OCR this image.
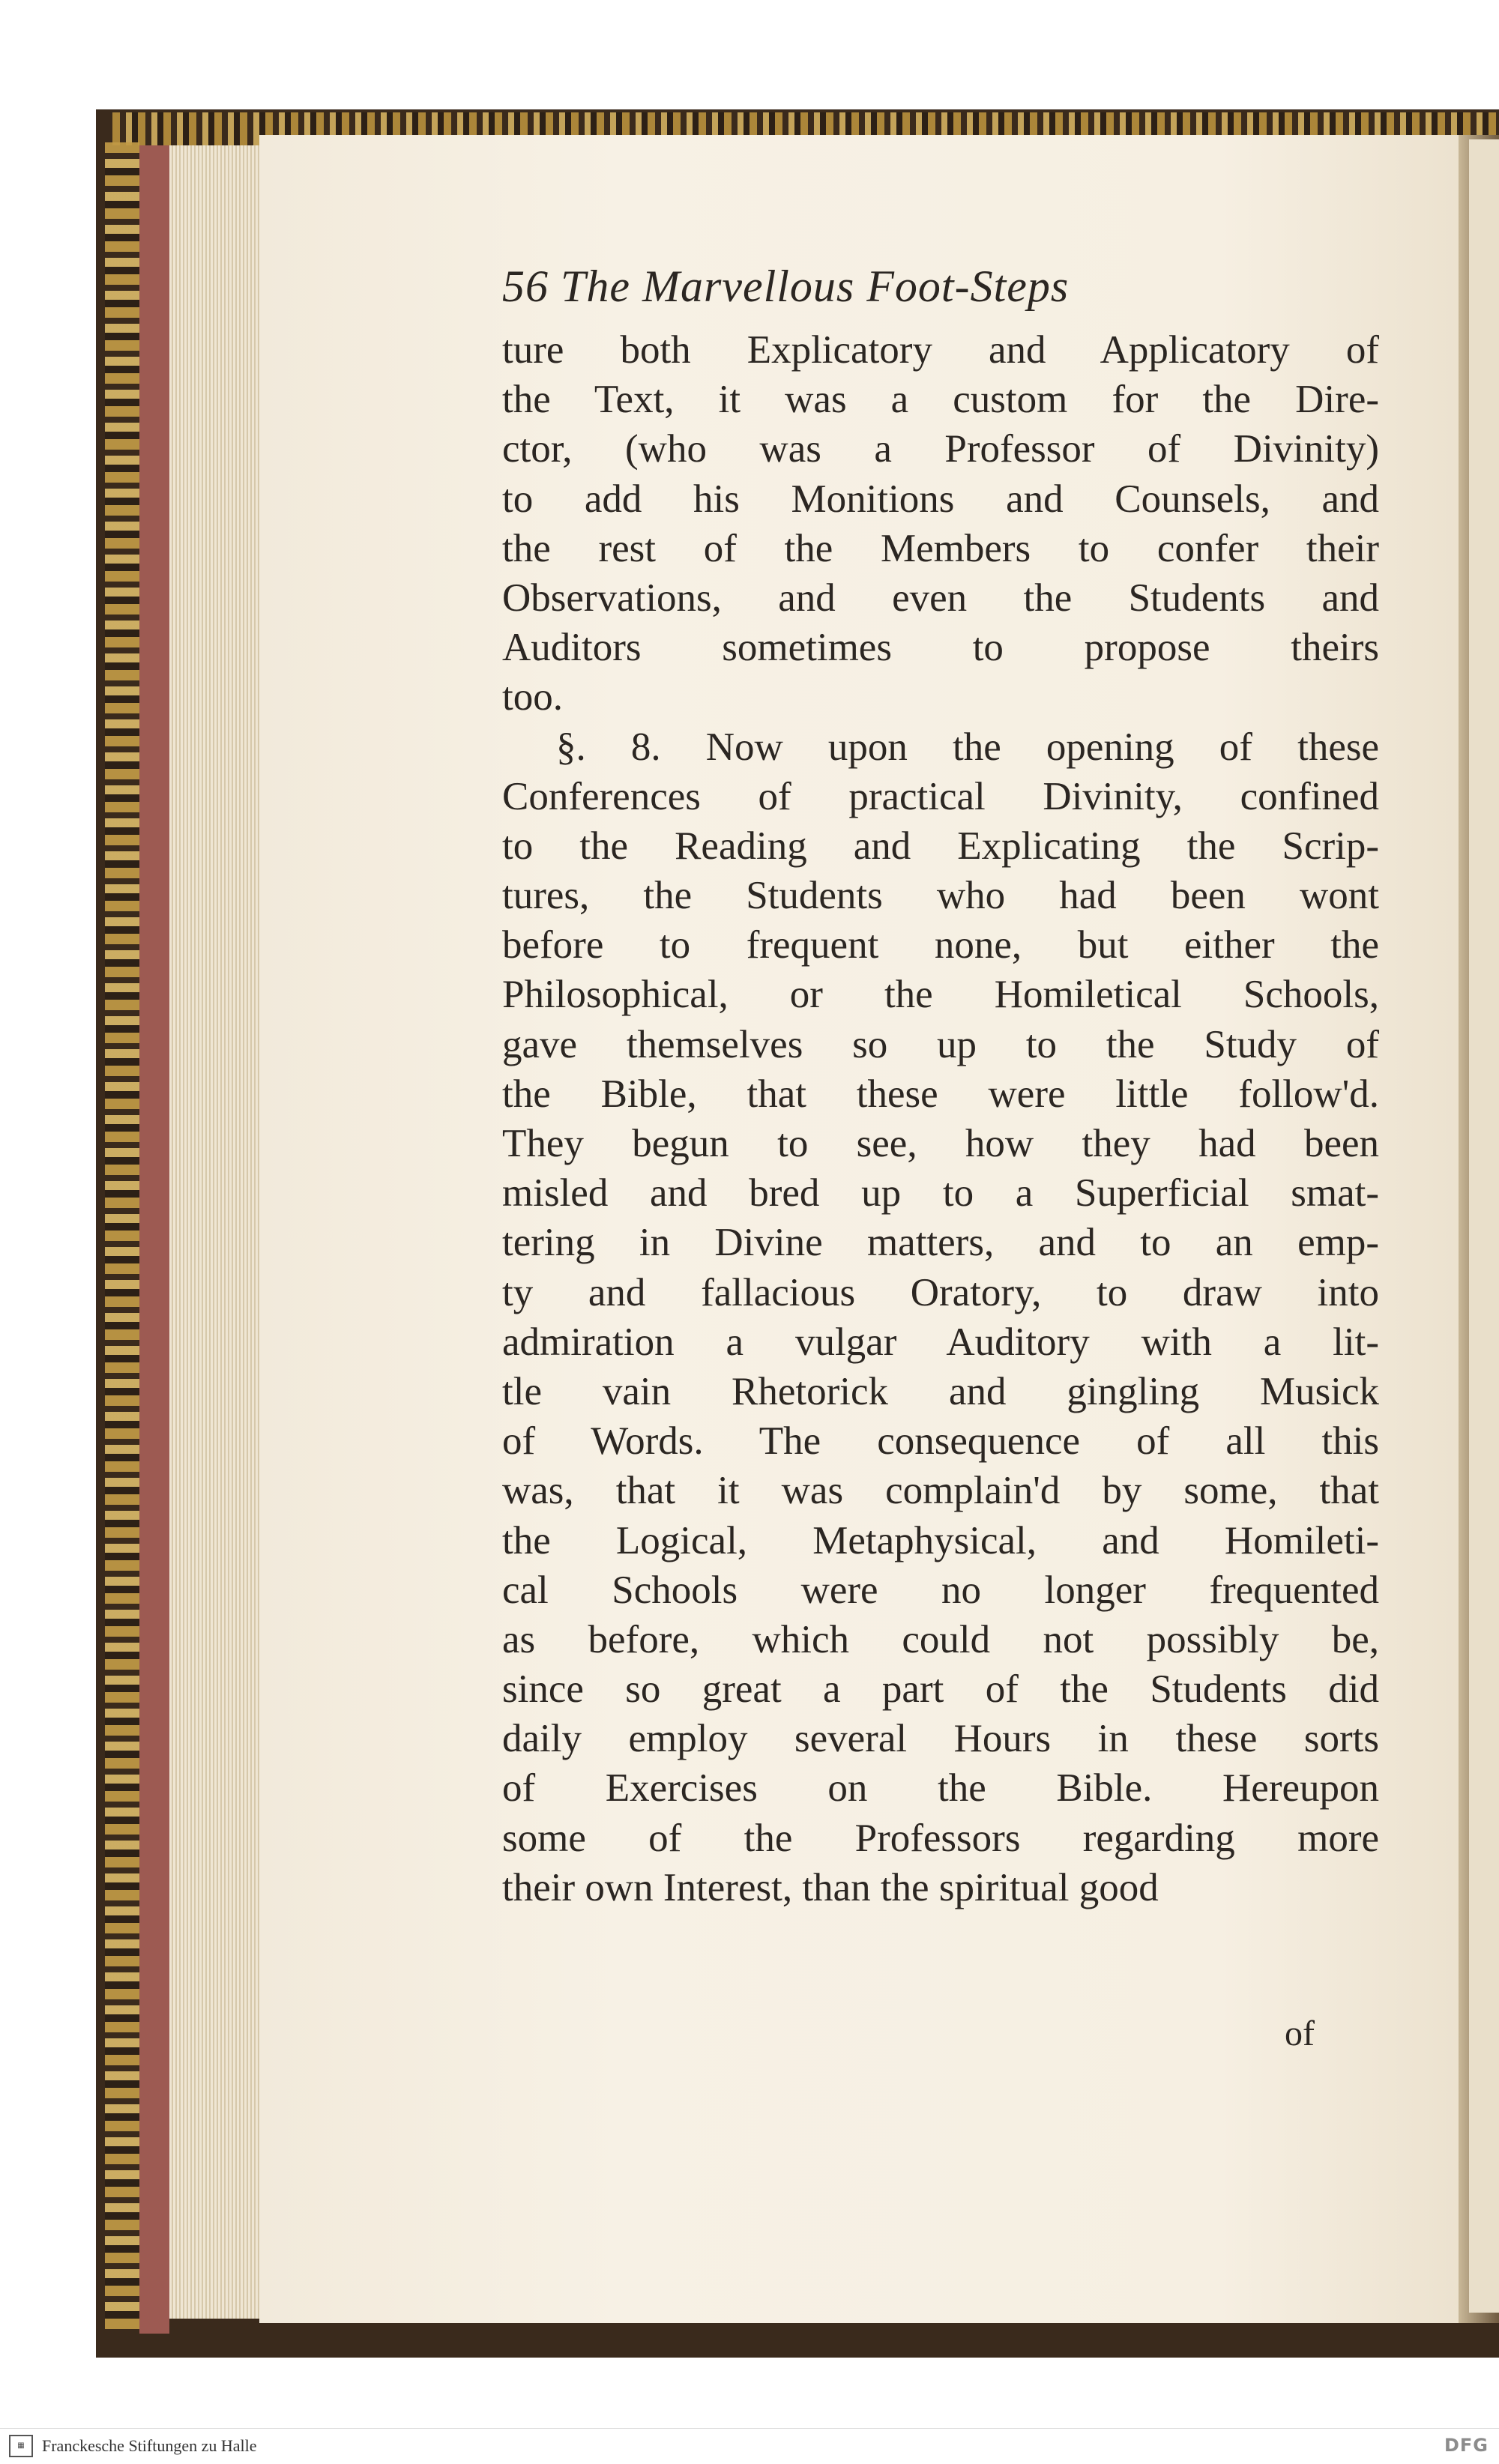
56 The Marvellous Foot-Steps
ture both Explicatory and Applicatory of
the Text, it was a custom for the Dire-
ctor, (who was a Professor of Divinity)
to add his Monitions and Counsels, and
the rest of the Members to confer their
Observations, and even the Students and
Auditors sometimes to propose theirs
too.
§. 8. Now upon the opening of these
Conferences of practical Divinity, confined
to the Reading and Explicating the Scrip-
tures, the Students who had been wont
before to frequent none, but either the
Philosophical, or the Homiletical Schools,
gave themselves so up to the Study of
the Bible, that these were little follow'd.
They begun to see, how they had been
misled and bred up to a Superficial smat-
tering in Divine matters, and to an emp-
ty and fallacious Oratory, to draw into
admiration a vulgar Auditory with a lit-
tle vain Rhetorick and gingling Musick
of Words. The consequence of all this
was, that it was complain'd by some, that
the Logical, Metaphysical, and Homileti-
cal Schools were no longer frequented
as before, which could not possibly be,
since so great a part of the Students did
daily employ several Hours in these sorts
of Exercises on the Bible. Hereupon
some of the Professors regarding more
their own Interest, than the spiritual good
of
▦	Franckesche Stiftungen zu Halle	DFG
